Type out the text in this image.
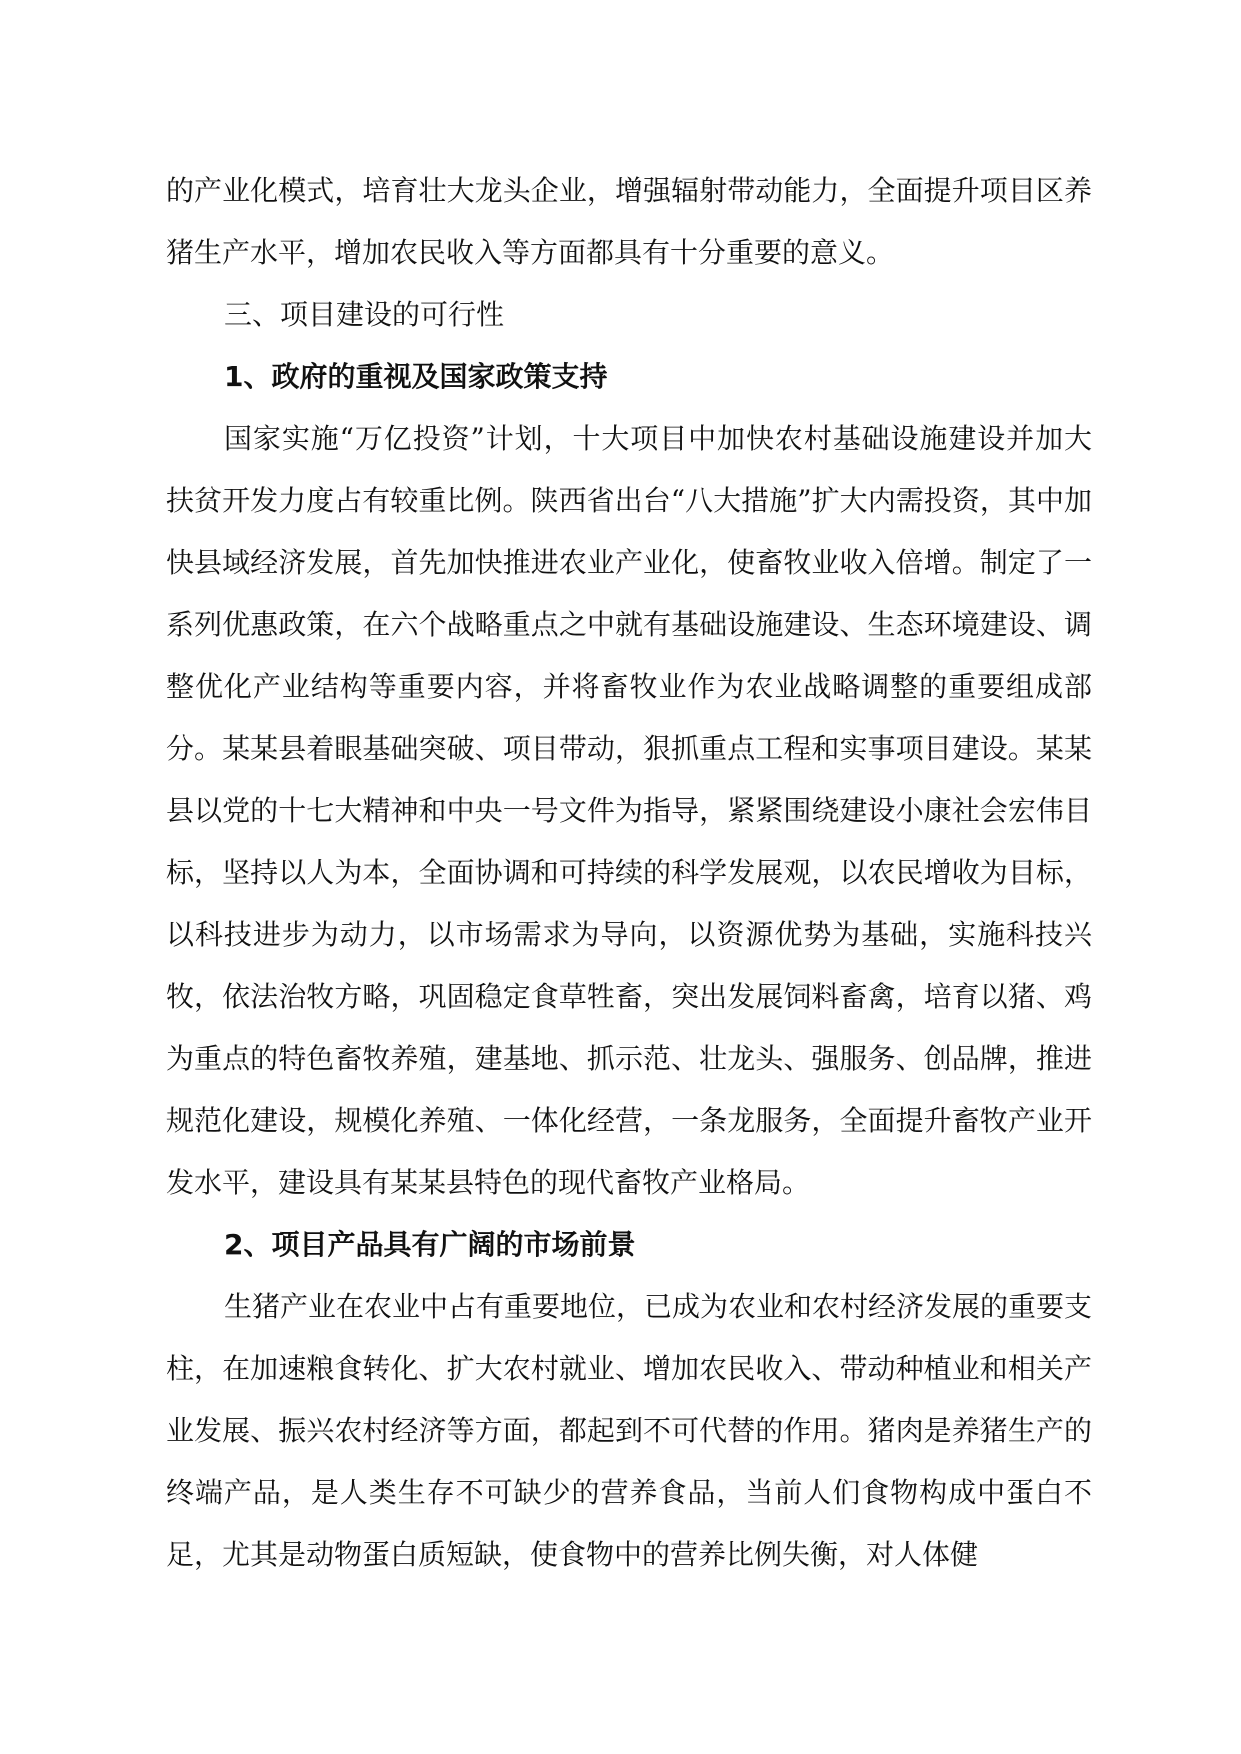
的产业化模式，培育壮大龙头企业，增强辐射带动能力，全面提升项目区养猪生产水平，增加农民收入等方面都具有十分重要的意义。

三、项目建设的可行性

1、政府的重视及国家政策支持

国家实施“万亿投资”计划，十大项目中加快农村基础设施建设并加大扶贫开发力度占有较重比例。陕西省出台“八大措施”扩大内需投资，其中加快县域经济发展，首先加快推进农业产业化，使畜牧业收入倍增。制定了一系列优惠政策，在六个战略重点之中就有基础设施建设、生态环境建设、调整优化产业结构等重要内容，并将畜牧业作为农业战略调整的重要组成部分。某某县着眼基础突破、项目带动，狠抓重点工程和实事项目建设。某某县以党的十七大精神和中央一号文件为指导，紧紧围绕建设小康社会宏伟目标，坚持以人为本，全面协调和可持续的科学发展观，以农民增收为目标，以科技进步为动力，以市场需求为导向，以资源优势为基础，实施科技兴牧，依法治牧方略，巩固稳定食草牲畜，突出发展饲料畜禽，培育以猪、鸡为重点的特色畜牧养殖，建基地、抓示范、壮龙头、强服务、创品牌，推进规范化建设，规模化养殖、一体化经营，一条龙服务，全面提升畜牧产业开发水平，建设具有某某县特色的现代畜牧产业格局。

2、项目产品具有广阔的市场前景

生猪产业在农业中占有重要地位，已成为农业和农村经济发展的重要支柱，在加速粮食转化、扩大农村就业、增加农民收入、带动种植业和相关产业发展、振兴农村经济等方面，都起到不可代替的作用。猪肉是养猪生产的终端产品，是人类生存不可缺少的营养食品，当前人们食物构成中蛋白不足，尤其是动物蛋白质短缺，使食物中的营养比例失衡，对人体健
